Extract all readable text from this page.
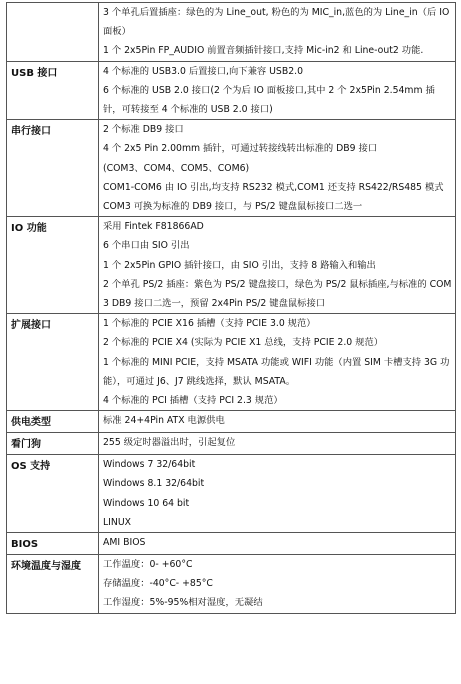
	3 个单孔后置插座：绿色的为 Line_out, 粉色的为 MIC_in,蓝色的为 Line_in（后 IO 面板）
1 个 2x5Pin FP_AUDIO 前置音频插针接口,支持 Mic-in2 和 Line-out2 功能.

USB 接口	4 个标准的 USB3.0 后置接口,向下兼容 USB2.0
6 个标准的 USB 2.0 接口(2 个为后 IO 面板接口,其中 2 个 2x5Pin 2.54mm 插针，可转接至 4 个标准的 USB 2.0 接口)

串行接口	2 个标准 DB9 接口
4 个 2x5 Pin 2.00mm 插针，可通过转接线转出标准的 DB9 接口
(COM3、COM4、COM5、COM6)
COM1-COM6 由 IO 引出,均支持 RS232 模式,COM1 还支持 RS422/RS485 模式
COM3 可换为标准的 DB9 接口，与 PS/2 键盘鼠标接口二选一

IO 功能	采用 Fintek F81866AD
6 个串口由 SIO 引出
1 个 2x5Pin GPIO 插针接口，由 SIO 引出，支持 8 路输入和输出
2 个单孔 PS/2 插座：紫色为 PS/2 键盘接口，绿色为 PS/2 鼠标插座,与标准的 COM3 DB9 接口二选一，预留 2x4Pin PS/2 键盘鼠标接口

扩展接口	1 个标准的 PCIE X16 插槽（支持 PCIE 3.0 规范）
2 个标准的 PCIE X4 (实际为 PCIE X1 总线，支持 PCIE 2.0 规范）
1 个标准的 MINI PCIE，支持 MSATA 功能或 WIFI 功能（内置 SIM 卡槽支持 3G 功能），可通过 J6、J7 跳线选择，默认 MSATA。
4 个标准的 PCI 插槽（支持 PCI 2.3 规范）

供电类型	标准 24+4Pin ATX 电源供电

看门狗	255 级定时器溢出时，引起复位

OS 支持	Windows 7 32/64bit
Windows 8.1 32/64bit
Windows 10 64 bit
LINUX

BIOS	AMI BIOS

环境温度与湿度	工作温度：0- +60°C
存储温度：-40°C- +85°C
工作湿度：5%-95%相对湿度，无凝结
